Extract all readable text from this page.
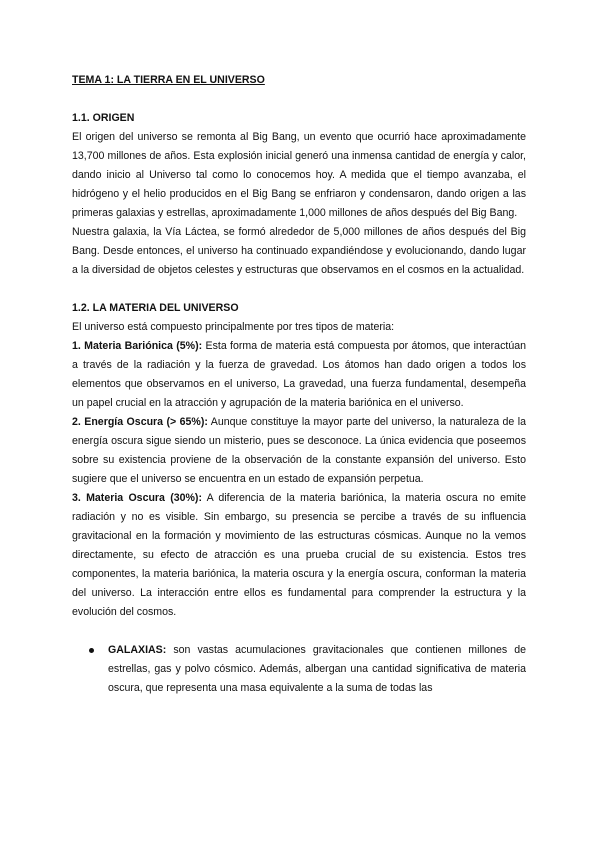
TEMA 1: LA TIERRA EN EL UNIVERSO
1.1. ORIGEN

El origen del universo se remonta al Big Bang, un evento que ocurrió hace aproximadamente 13,700 millones de años. Esta explosión inicial generó una inmensa cantidad de energía y calor, dando inicio al Universo tal como lo conocemos hoy. A medida que el tiempo avanzaba, el hidrógeno y el helio producidos en el Big Bang se enfriaron y condensaron, dando origen a las primeras galaxias y estrellas, aproximadamente 1,000 millones de años después del Big Bang.

Nuestra galaxia, la Vía Láctea, se formó alrededor de 5,000 millones de años después del Big Bang. Desde entonces, el universo ha continuado expandiéndose y evolucionando, dando lugar a la diversidad de objetos celestes y estructuras que observamos en el cosmos en la actualidad.

1.2. LA MATERIA DEL UNIVERSO

El universo está compuesto principalmente por tres tipos de materia:

1. Materia Bariónica (5%): Esta forma de materia está compuesta por átomos, que interactúan a través de la radiación y la fuerza de gravedad. Los átomos han dado origen a todos los elementos que observamos en el universo, La gravedad, una fuerza fundamental, desempeña un papel crucial en la atracción y agrupación de la materia bariónica en el universo.

2. Energía Oscura (> 65%): Aunque constituye la mayor parte del universo, la naturaleza de la energía oscura sigue siendo un misterio, pues se desconoce. La única evidencia que poseemos sobre su existencia proviene de la observación de la constante expansión del universo. Esto sugiere que el universo se encuentra en un estado de expansión perpetua.

3. Materia Oscura (30%): A diferencia de la materia bariónica, la materia oscura no emite radiación y no es visible. Sin embargo, su presencia se percibe a través de su influencia gravitacional en la formación y movimiento de las estructuras cósmicas. Aunque no la vemos directamente, su efecto de atracción es una prueba crucial de su existencia. Estos tres componentes, la materia bariónica, la materia oscura y la energía oscura, conforman la materia del universo. La interacción entre ellos es fundamental para comprender la estructura y la evolución del cosmos.

GALAXIAS: son vastas acumulaciones gravitacionales que contienen millones de estrellas, gas y polvo cósmico. Además, albergan una cantidad significativa de materia oscura, que representa una masa equivalente a la suma de todas las
